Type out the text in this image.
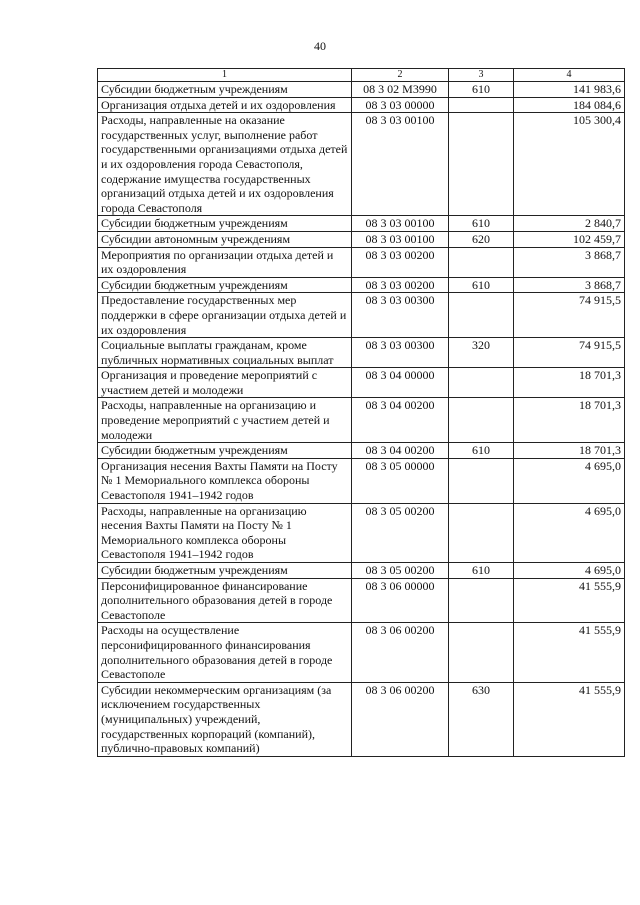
40
1	2	3	4
Субсидии бюджетным учреждениям	08 3 02 М3990	610	141 983,6
Организация отдыха детей и их оздоровления	08 3 03 00000		184 084,6
Расходы, направленные на оказание государственных услуг, выполнение работ государственными организациями отдыха детей и их оздоровления города Севастополя, содержание имущества государственных организаций отдыха детей и их оздоровления города Севастополя	08 3 03 00100		105 300,4
Субсидии бюджетным учреждениям	08 3 03 00100	610	2 840,7
Субсидии автономным учреждениям	08 3 03 00100	620	102 459,7
Мероприятия по организации отдыха детей и их оздоровления	08 3 03 00200		3 868,7
Субсидии бюджетным учреждениям	08 3 03 00200	610	3 868,7
Предоставление государственных мер поддержки в сфере организации отдыха детей и их оздоровления	08 3 03 00300		74 915,5
Социальные выплаты гражданам, кроме публичных нормативных социальных выплат	08 3 03 00300	320	74 915,5
Организация и проведение мероприятий с участием детей и молодежи	08 3 04 00000		18 701,3
Расходы, направленные на организацию и проведение мероприятий с участием детей и молодежи	08 3 04 00200		18 701,3
Субсидии бюджетным учреждениям	08 3 04 00200	610	18 701,3
Организация несения Вахты Памяти на Посту № 1 Мемориального комплекса обороны Севастополя 1941–1942 годов	08 3 05 00000		4 695,0
Расходы, направленные на организацию несения Вахты Памяти на Посту № 1 Мемориального комплекса обороны Севастополя 1941–1942 годов	08 3 05 00200		4 695,0
Субсидии бюджетным учреждениям	08 3 05 00200	610	4 695,0
Персонифицированное финансирование дополнительного образования детей в городе Севастополе	08 3 06 00000		41 555,9
Расходы на осуществление персонифицированного финансирования дополнительного образования детей в городе Севастополе	08 3 06 00200		41 555,9
Субсидии некоммерческим организациям (за исключением государственных (муниципальных) учреждений, государственных корпораций (компаний), публично-правовых компаний)	08 3 06 00200	630	41 555,9
